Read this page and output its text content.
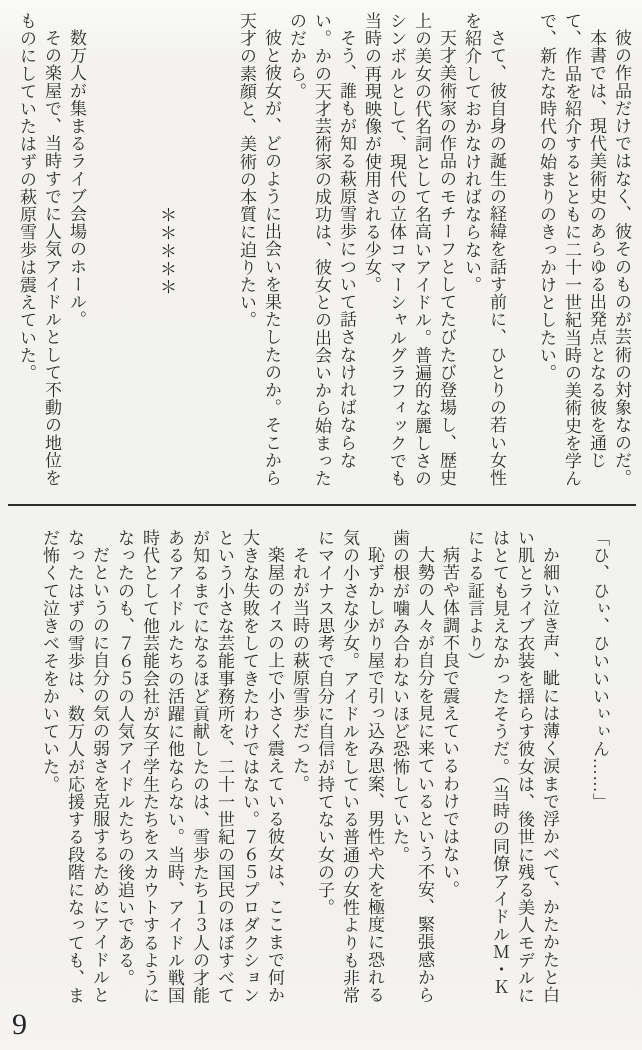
彼の作品だけではなく、彼そのものが芸術の対象なのだ。

本書では、現代美術史のあらゆる出発点となる彼を通じて、作品を紹介するとともに二十一世紀当時の美術史を学んで、新たな時代の始まりのきっかけとしたい。

さて、彼自身の誕生の経緯を話す前に、ひとりの若い女性を紹介しておかなければならない。

天才美術家の作品のモチーフとしてたびたび登場し、歴史上の美女の代名詞として名高いアイドル。普遍的な麗しさのシンボルとして、現代の立体コマーシャルグラフィックでも当時の再現映像が使用される少女。

そう、誰もが知る萩原雪歩について話さなければならない。かの天才芸術家の成功は、彼女との出会いから始まったのだから。

彼と彼女が、どのように出会いを果たしたのか。そこから天才の素顔と、美術の本質に迫りたい。

＊＊＊＊＊

数万人が集まるライブ会場のホール。

その楽屋で、当時すでに人気アイドルとして不動の地位をものにしていたはずの萩原雪歩は震えていた。

「ひ、ひぃ、ひいいいぃぃん……」

か細い泣き声、眦には薄く涙まで浮かべて、かたかたと白い肌とライブ衣装を揺らす彼女は、後世に残る美人モデルにはとても見えなかったそうだ。（当時の同僚アイドルＭ・Ｋによる証言より）

病苦や体調不良で震えているわけではない。

大勢の人々が自分を見に来ているという不安、緊張感から歯の根が噛み合わないほど恐怖していた。

恥ずかしがり屋で引っ込み思案、男性や犬を極度に恐れる気の小さな少女。アイドルをしている普通の女性よりも非常にマイナス思考で自分に自信が持てない女の子。

それが当時の萩原雪歩だった。

楽屋のイスの上で小さく震えている彼女は、ここまで何か大きな失敗をしてきたわけではない。７６５プロダクションという小さな芸能事務所を、二十一世紀の国民のほぼすべてが知るまでになるほど貢献したのは、雪歩たち１３人の才能あるアイドルたちの活躍に他ならない。当時、アイドル戦国時代として他芸能会社が女子学生たちをスカウトするようになったのも、７６５の人気アイドルたちの後追いである。

だというのに自分の気の弱さを克服するためにアイドルとなったはずの雪歩は、数万人が応援する段階になっても、まだ怖くて泣きべそをかいていた。

9
